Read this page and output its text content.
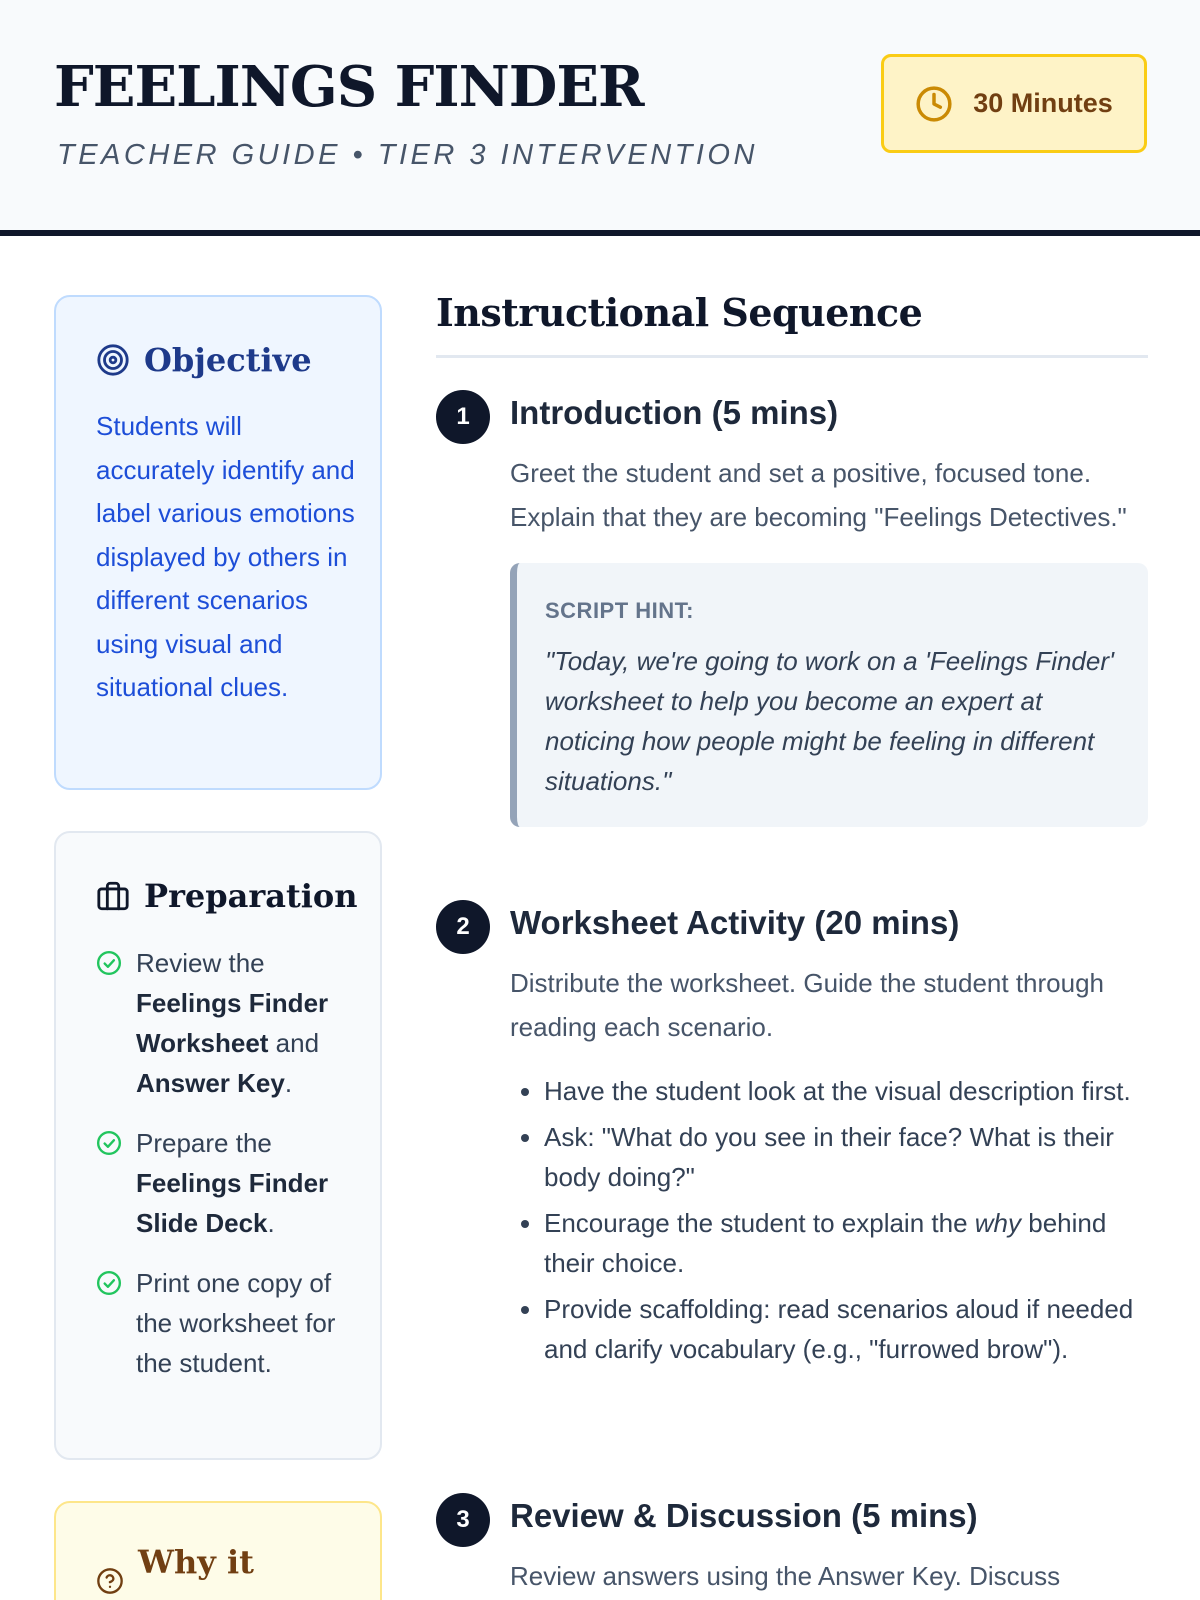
FEELINGS FINDER
TEACHER GUIDE • TIER 3 INTERVENTION
30 Minutes
Objective

Students will accurately identify and label various emotions displayed by others in different scenarios using visual and situational clues.

Preparation
Review the Feelings Finder Worksheet and Answer Key.
Prepare the Feelings Finder Slide Deck.
Print one copy of the worksheet for the student.
Why it
Instructional Sequence
1	Introduction (5 mins)

Greet the student and set a positive, focused tone. Explain that they are becoming "Feelings Detectives."

SCRIPT HINT:
"Today, we're going to work on a 'Feelings Finder' worksheet to help you become an expert at noticing how people might be feeling in different situations."
2	Worksheet Activity (20 mins)

Distribute the worksheet. Guide the student through reading each scenario.

• Have the student look at the visual description first.
• Ask: "What do you see in their face? What is their body doing?"
• Encourage the student to explain the why behind their choice.
• Provide scaffolding: read scenarios aloud if needed and clarify vocabulary (e.g., "furrowed brow").
3	Review & Discussion (5 mins)

Review answers using the Answer Key. Discuss
